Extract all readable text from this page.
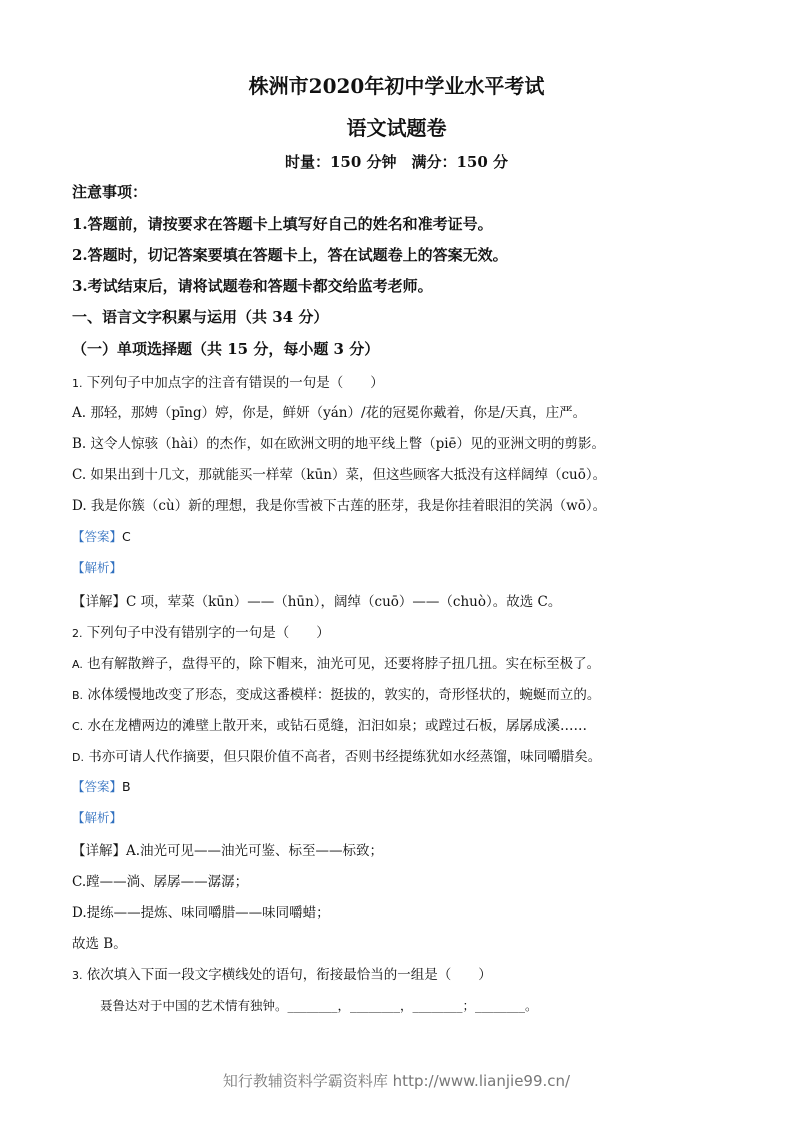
株洲市2020年初中学业水平考试
语文试题卷
时量：150 分钟　满分：150 分
注意事项：
1.答题前，请按要求在答题卡上填写好自己的姓名和准考证号。
2.答题时，切记答案要填在答题卡上，答在试题卷上的答案无效。
3.考试结束后，请将试题卷和答题卡都交给监考老师。
一、语言文字积累与运用（共 34 分）
（一）单项选择题（共 15 分，每小题 3 分）
1. 下列句子中加点字的注音有错误的一句是（　　）
A. 那轻，那娉（pīng）婷，你是，鲜妍（yán）/花的冠冕你戴着，你是/天真，庄严。
B. 这令人惊骇（hài）的杰作，如在欧洲文明的地平线上瞥（piē）见的亚洲文明的剪影。
C. 如果出到十几文，那就能买一样荤（kūn）菜，但这些顾客大抵没有这样阔绰（cuō）。
D. 我是你簇（cù）新的理想，我是你雪被下古莲的胚芽，我是你挂着眼泪的笑涡（wō）。
【答案】C
【解析】
【详解】C 项，荤菜（kūn）——（hūn），阔绰（cuō）——（chuò）。故选 C。
2. 下列句子中没有错别字的一句是（　　）
A. 也有解散辫子，盘得平的，除下帽来，油光可见，还要将脖子扭几扭。实在标至极了。
B. 冰体缓慢地改变了形态，变成这番模样：挺拔的，敦实的，奇形怪状的，蜿蜒而立的。
C. 水在龙槽两边的滩壁上散开来，或钻石觅缝，汩汩如泉；或蹚过石板，孱孱成溪……
D. 书亦可请人代作摘要，但只限价值不高者，否则书经提练犹如水经蒸馏，味同嚼腊矣。
【答案】B
【解析】
【详解】A.油光可见——油光可鉴、标至——标致；
C.蹚——淌、孱孱——潺潺；
D.提练——提炼、味同嚼腊——味同嚼蜡；
故选 B。
3. 依次填入下面一段文字横线处的语句，衔接最恰当的一组是（　　）
聂鲁达对于中国的艺术情有独钟。________，________，________；________。
知行教辅资料学霸资料库 http://www.lianjie99.cn/
